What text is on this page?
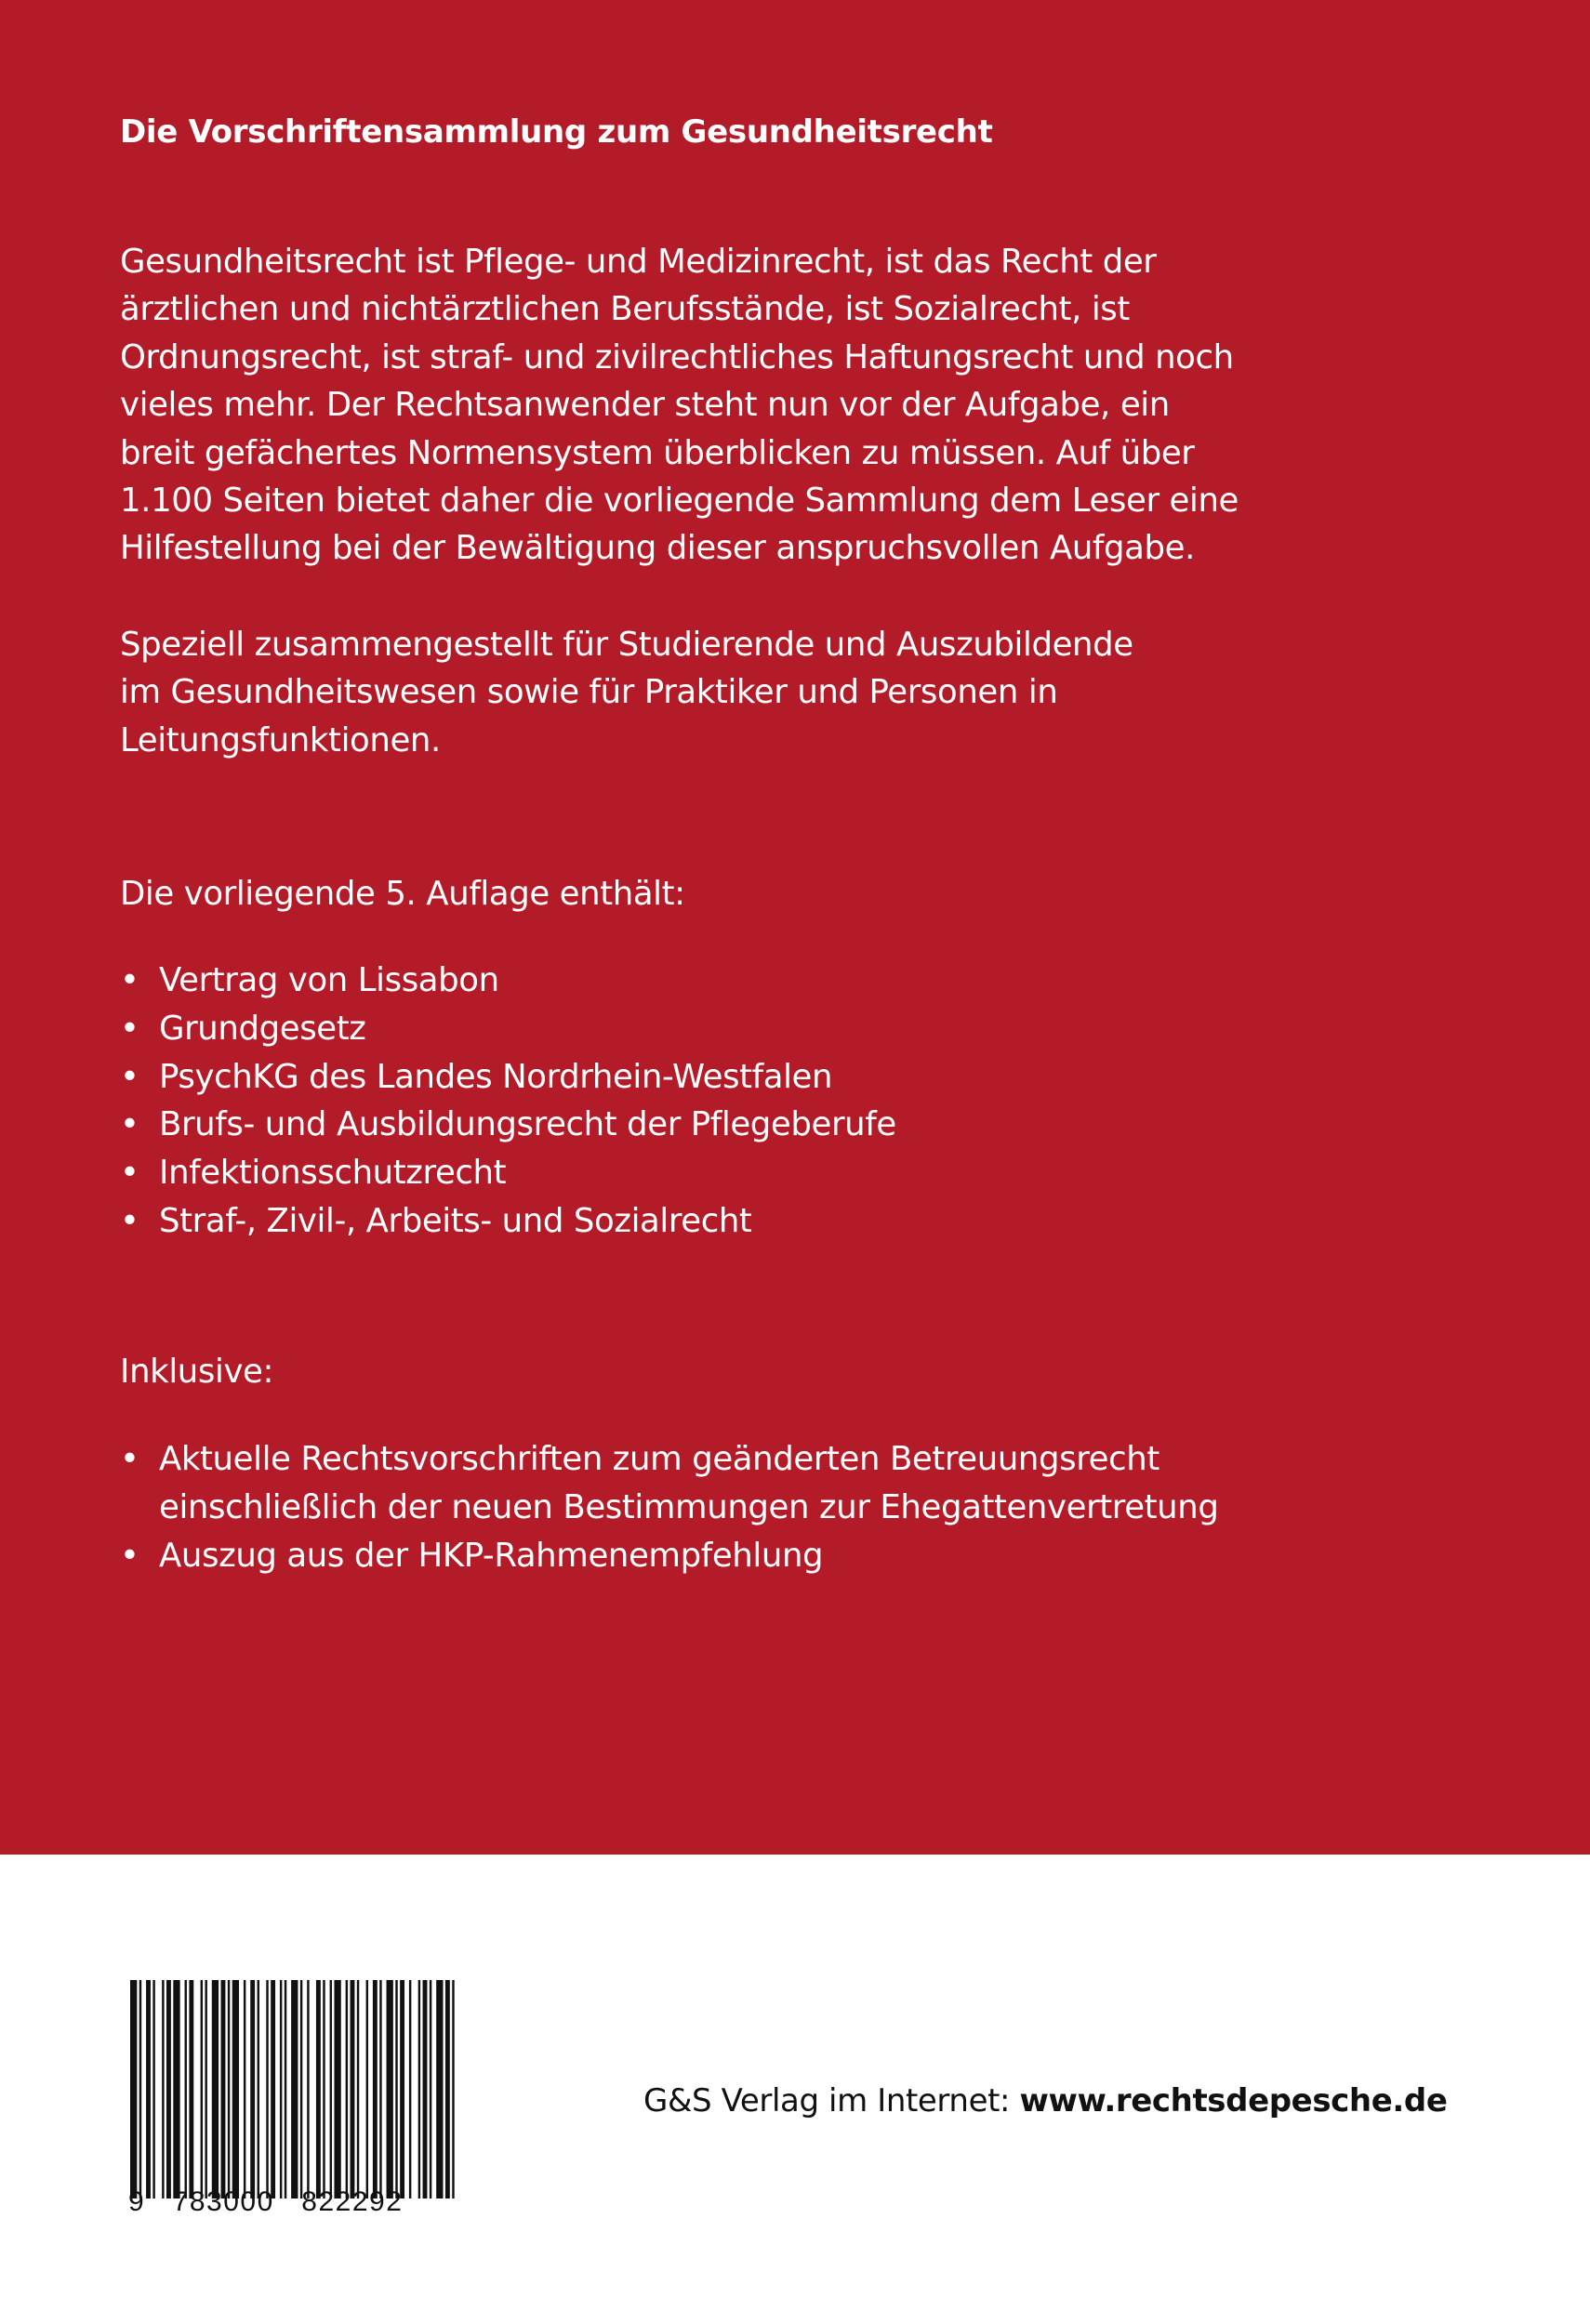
Die Vorschriftensammlung zum Gesundheitsrecht

Gesundheitsrecht ist Pflege- und Medizinrecht, ist das Recht der
ärztlichen und nichtärztlichen Berufsstände, ist Sozialrecht, ist
Ordnungsrecht, ist straf- und zivilrechtliches Haftungsrecht und noch
vieles mehr. Der Rechtsanwender steht nun vor der Aufgabe, ein
breit gefächertes Normensystem überblicken zu müssen. Auf über
1.100 Seiten bietet daher die vorliegende Sammlung dem Leser eine
Hilfestellung bei der Bewältigung dieser anspruchsvollen Aufgabe.

Speziell zusammengestellt für Studierende und Auszubildende
im Gesundheitswesen sowie für Praktiker und Personen in
Leitungsfunktionen.

Die vorliegende 5. Auflage enthält:

• Vertrag von Lissabon
• Grundgesetz
• PsychKG des Landes Nordrhein-Westfalen
• Brufs- und Ausbildungsrecht der Pflegeberufe
• Infektionsschutzrecht
• Straf-, Zivil-, Arbeits- und Sozialrecht

Inklusive:

• Aktuelle Rechtsvorschriften zum geänderten Betreuungsrecht
einschließlich der neuen Bestimmungen zur Ehegattenvertretung
• Auszug aus der HKP-Rahmenempfehlung
9   783000   822292
G&S Verlag im Internet: www.rechtsdepesche.de
